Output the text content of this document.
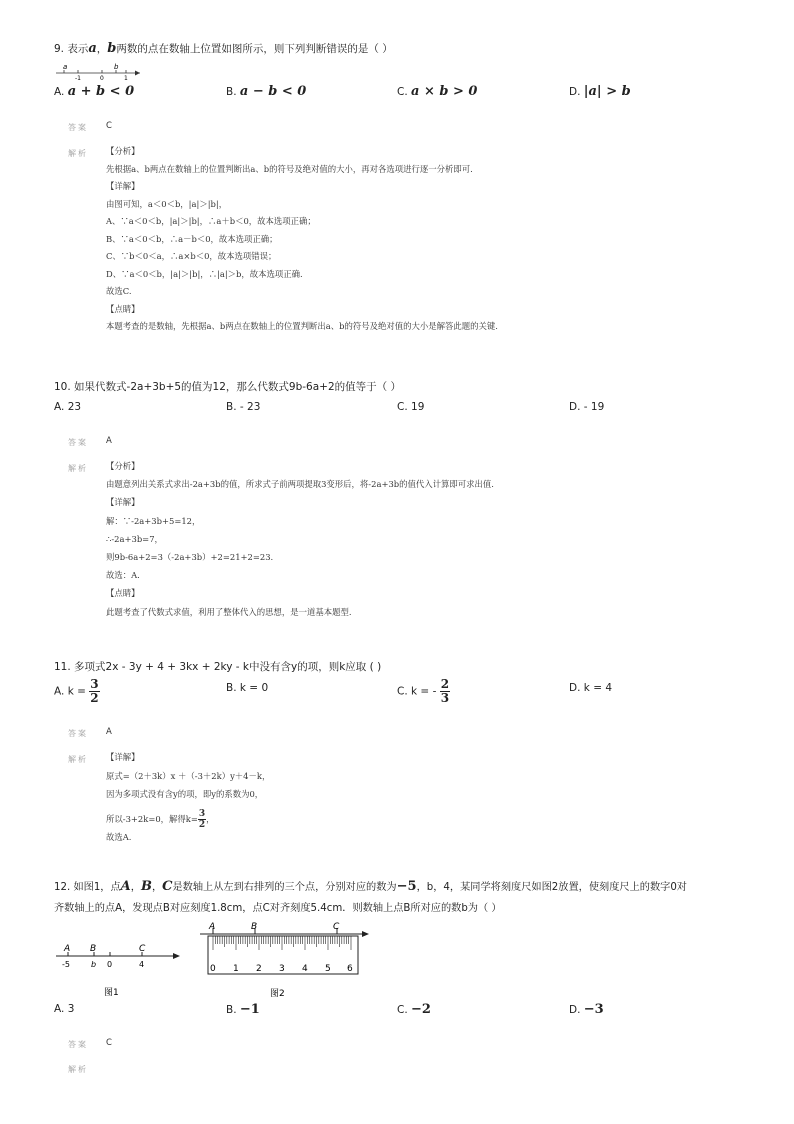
9. 表示a，b两数的点在数轴上位置如图所示，则下列判断错误的是（ ）
a
-1	0
b
1
A. a + b < 0	B. a − b < 0	C. a × b > 0	D. |a| > b
答案 C
解析 【分析】
先根据a、b两点在数轴上的位置判断出a、b的符号及绝对值的大小，再对各选项进行逐一分析即可.
【详解】
由图可知，a＜0＜b，|a|＞|b|，
A、∵a＜0＜b，|a|＞|b|，∴a＋b＜0，故本选项正确；
B、∵a＜0＜b，∴a－b＜0，故本选项正确；
C、∵b＜0＜a，∴a×b＜0，故本选项错误；
D、∵a＜0＜b，|a|＞|b|，∴|a|＞b，故本选项正确.
故选C.
【点睛】
本题考查的是数轴，先根据a、b两点在数轴上的位置判断出a、b的符号及绝对值的大小是解答此题的关键.
10. 如果代数式-2a+3b+5的值为12，那么代数式9b-6a+2的值等于（ ）
A. 23	B. - 23	C. 19	D. - 19
答案 A
解析 【分析】
由题意列出关系式求出-2a+3b的值，所求式子前两项提取3变形后，将-2a+3b的值代入计算即可求出值.
【详解】
解：∵-2a+3b+5=12，
∴-2a+3b=7，
则9b-6a+2=3（-2a+3b）+2=21+2=23.
故选：A.
【点睛】
此题考查了代数式求值，利用了整体代入的思想，是一道基本题型.
11. 多项式2x - 3y + 4 + 3kx + 2ky - k中没有含y的项，则k应取 ( )
A. $k = \frac{3}{2}$	B. k = 0	C. k = - $\frac{2}{3}$	D. k = 4
答案 A
解析 【详解】
原式=（2＋3k）x ＋（-3＋2k）y＋4－k，
因为多项式没有含y的项，即y的系数为0，
所以-3+2k=0，解得$k= \frac{3}{2}$ ，
故选A.
12. 如图1，点A，B，C是数轴上从左到右排列的三个点，分别对应的数为−5，b，4，某同学将刻度尺如图2放置，使刻度尺上的数字0对
齐数轴上的点A，发现点B对应刻度1.8cm，点C对齐刻度5.4cm．则数轴上点B所对应的数b为（ ）
A B	C
-5	b 0	4
图1
A	B	C
0 1 2 3 4 5 6
图2
A. 3	B. −1	C. −2	D. −3
答案 C
解析
